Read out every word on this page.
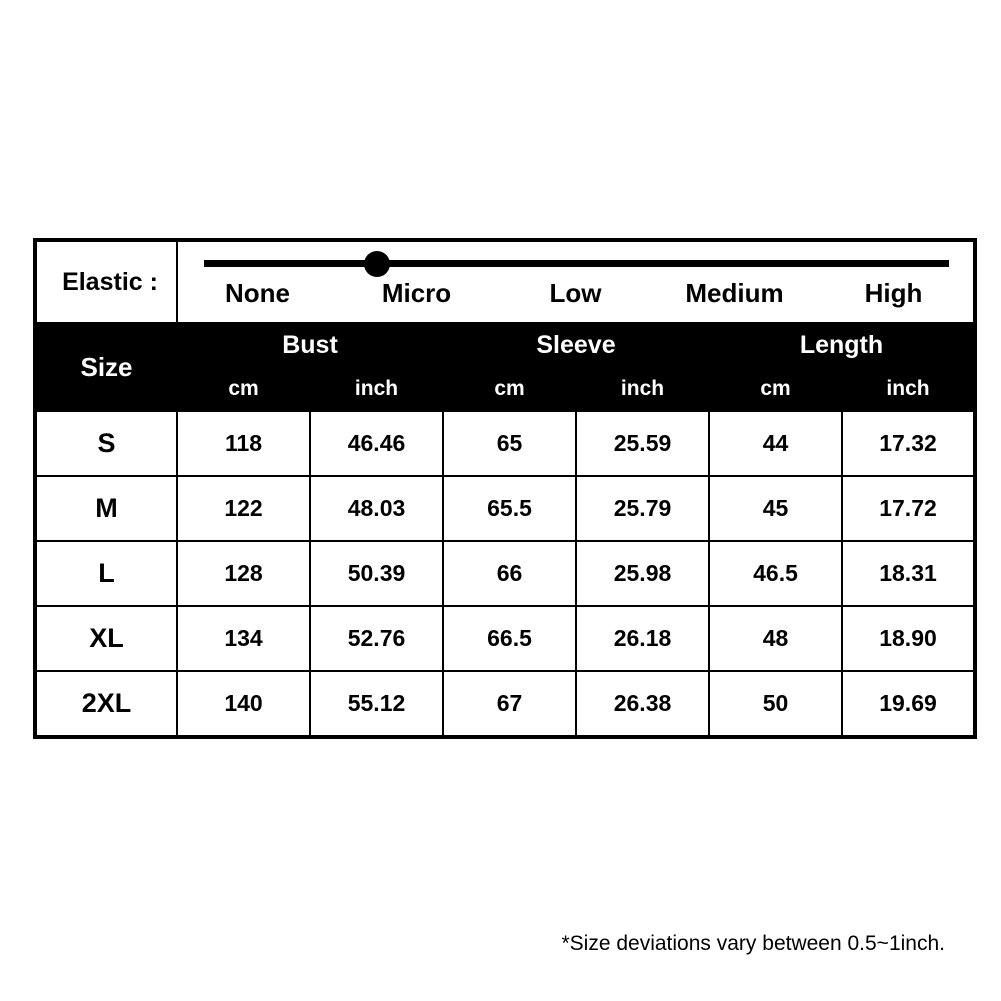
Elastic :	None Micro Low Medium High					

Size	Bust		Sleeve		Length	
	cm	inch	cm	inch	cm	inch
S	118	46.46	65	25.59	44	17.32
M	122	48.03	65.5	25.79	45	17.72
L	128	50.39	66	25.98	46.5	18.31
XL	134	52.76	66.5	26.18	48	18.90
2XL	140	55.12	67	26.38	50	19.69
*Size deviations vary between 0.5~1inch.
